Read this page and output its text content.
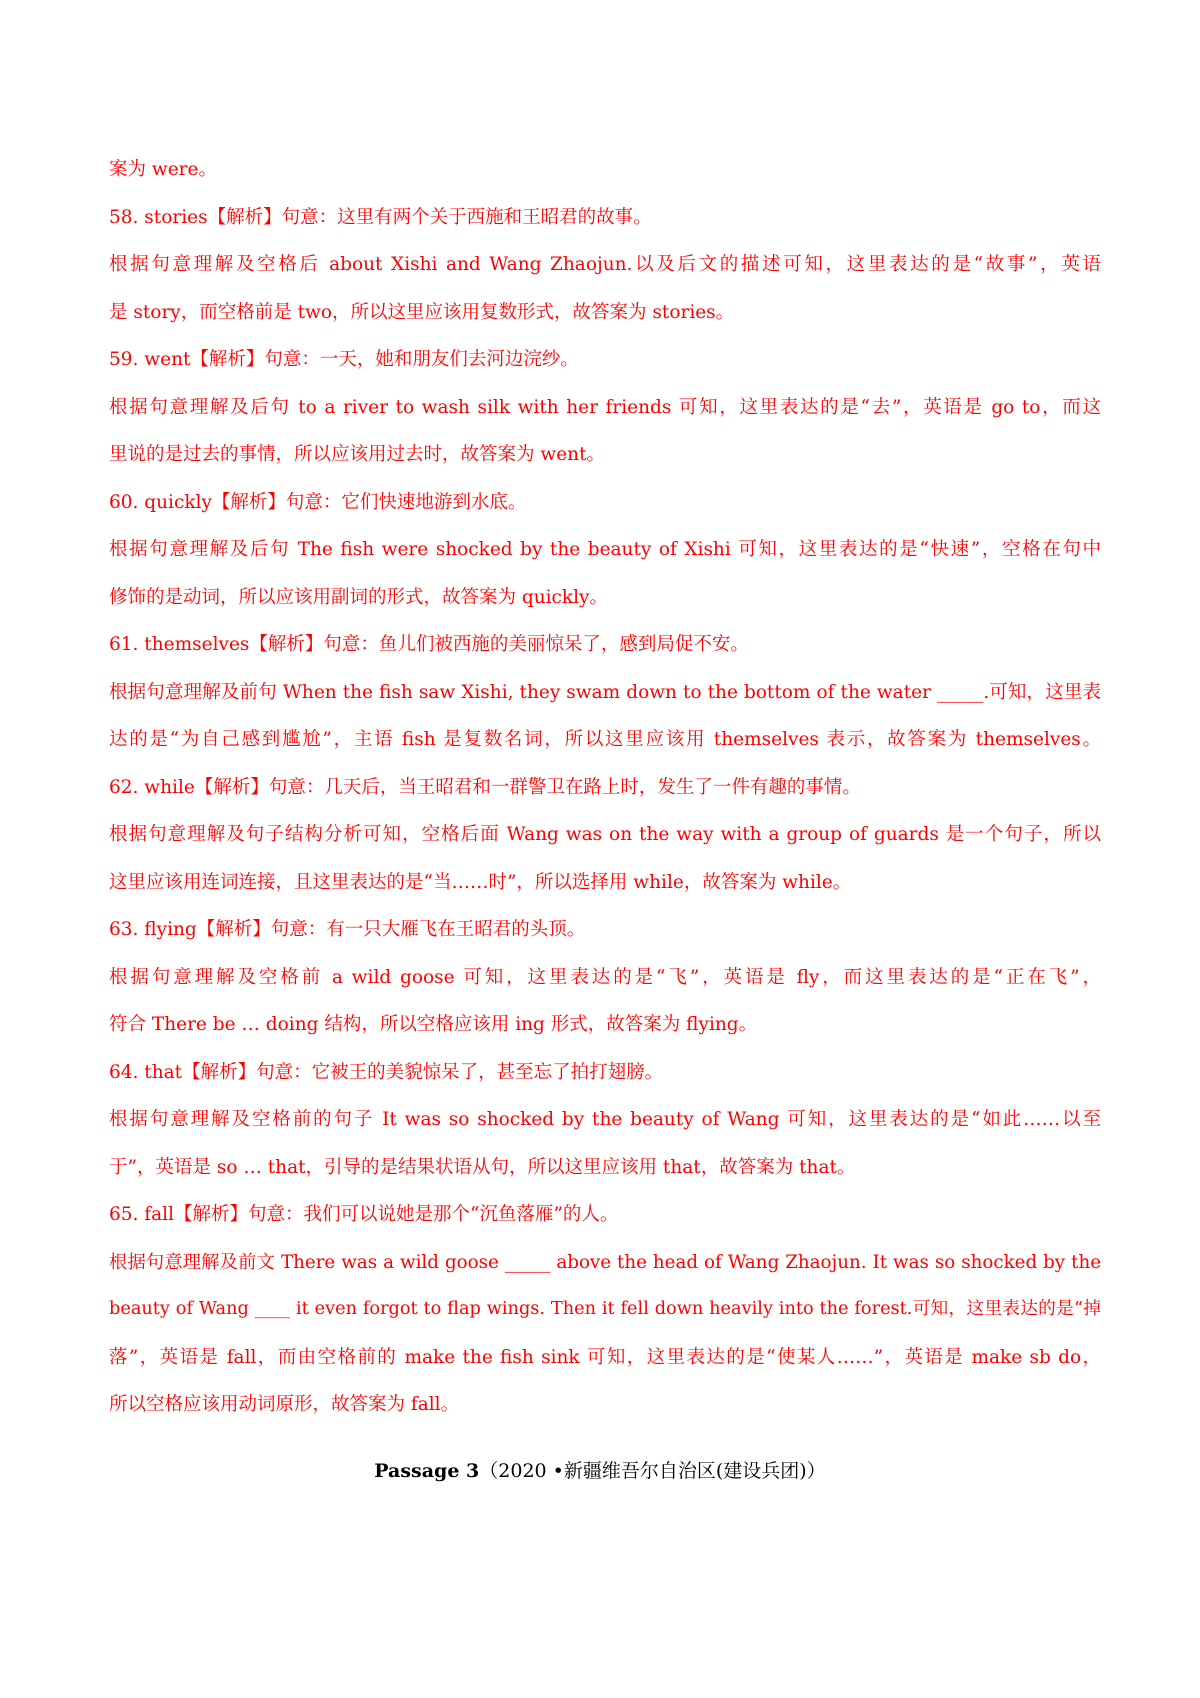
案为 were。
58. stories【解析】句意：这里有两个关于西施和王昭君的故事。
根据句意理解及空格后 about Xishi and Wang Zhaojun.以及后文的描述可知，这里表达的是“故事”，英语
是 story，而空格前是 two，所以这里应该用复数形式，故答案为 stories。
59. went【解析】句意：一天，她和朋友们去河边浣纱。
根据句意理解及后句 to a river to wash silk with her friends 可知，这里表达的是“去”，英语是 go to，而这
里说的是过去的事情，所以应该用过去时，故答案为 went。
60. quickly【解析】句意：它们快速地游到水底。
根据句意理解及后句 The fish were shocked by the beauty of Xishi 可知，这里表达的是“快速”，空格在句中
修饰的是动词，所以应该用副词的形式，故答案为 quickly。
61. themselves【解析】句意：鱼儿们被西施的美丽惊呆了，感到局促不安。
根据句意理解及前句 When the fish saw Xishi, they swam down to the bottom of the water _____.可知，这里表
达的是“为自己感到尴尬”，主语 fish 是复数名词，所以这里应该用 themselves 表示，故答案为 themselves。
62. while【解析】句意：几天后，当王昭君和一群警卫在路上时，发生了一件有趣的事情。
根据句意理解及句子结构分析可知，空格后面 Wang was on the way with a group of guards 是一个句子，所以
这里应该用连词连接，且这里表达的是“当……时”，所以选择用 while，故答案为 while。
63. flying【解析】句意：有一只大雁飞在王昭君的头顶。
根据句意理解及空格前 a wild goose 可知，这里表达的是“飞”，英语是 fly，而这里表达的是“正在飞”，
符合 There be … doing 结构，所以空格应该用 ing 形式，故答案为 flying。
64. that【解析】句意：它被王的美貌惊呆了，甚至忘了拍打翅膀。
根据句意理解及空格前的句子 It was so shocked by the beauty of Wang 可知，这里表达的是“如此……以至
于”，英语是 so … that，引导的是结果状语从句，所以这里应该用 that，故答案为 that。
65. fall【解析】句意：我们可以说她是那个“沉鱼落雁”的人。
根据句意理解及前文 There was a wild goose _____ above the head of Wang Zhaojun. It was so shocked by the
beauty of Wang ____ it even forgot to flap wings. Then it fell down heavily into the forest.可知，这里表达的是“掉
落”，英语是 fall，而由空格前的 make the fish sink 可知，这里表达的是“使某人……”，英语是 make sb do，
所以空格应该用动词原形，故答案为 fall。
Passage 3（2020 •新疆维吾尔自治区(建设兵团)）
